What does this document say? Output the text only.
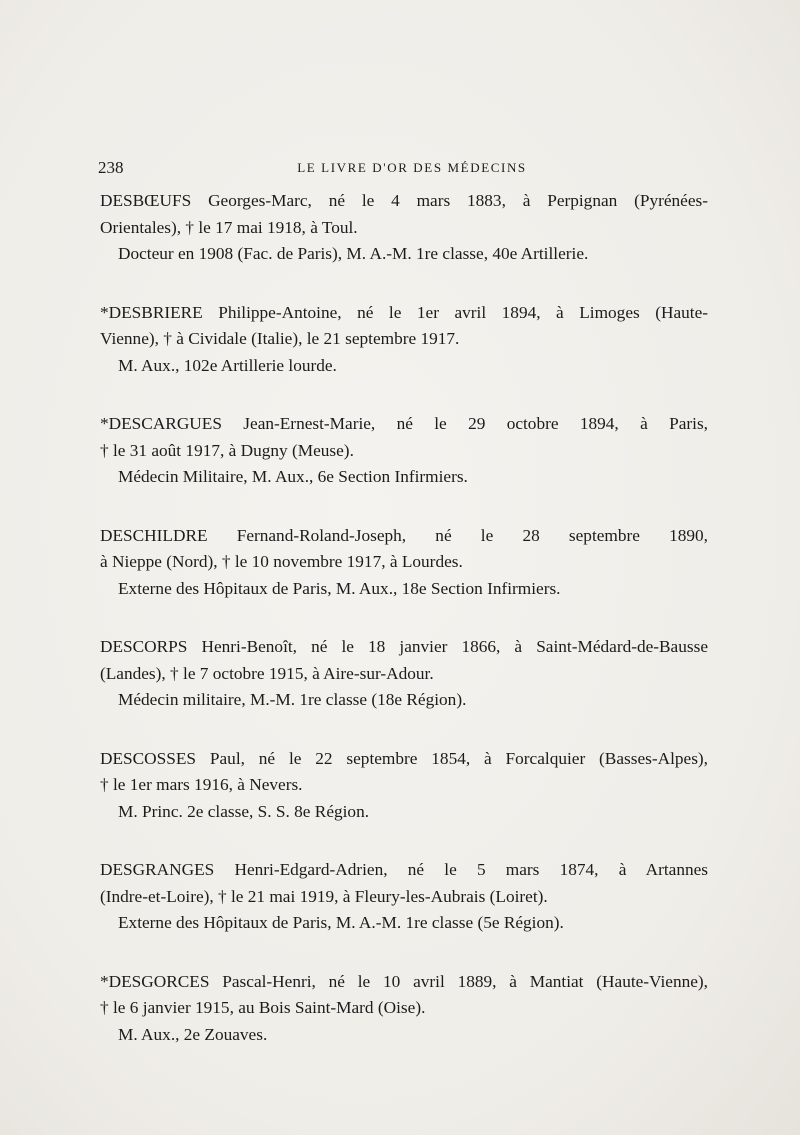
238	LE LIVRE D'OR DES MÉDECINS

DESBŒUFS Georges-Marc, né le 4 mars 1883, à Perpignan (Pyrénées-

Orientales), † le 17 mai 1918, à Toul.

Docteur en 1908 (Fac. de Paris), M. A.-M. 1re classe, 40e Artillerie.

*DESBRIERE Philippe-Antoine, né le 1er avril 1894, à Limoges (Haute-

Vienne), † à Cividale (Italie), le 21 septembre 1917.

M. Aux., 102e Artillerie lourde.

*DESCARGUES Jean-Ernest-Marie, né le 29 octobre 1894, à Paris,

† le 31 août 1917, à Dugny (Meuse).

Médecin Militaire, M. Aux., 6e Section Infirmiers.

DESCHILDRE Fernand-Roland-Joseph, né le 28 septembre 1890,

à Nieppe (Nord), † le 10 novembre 1917, à Lourdes.

Externe des Hôpitaux de Paris, M. Aux., 18e Section Infirmiers.

DESCORPS Henri-Benoît, né le 18 janvier 1866, à Saint-Médard-de-Bausse

(Landes), † le 7 octobre 1915, à Aire-sur-Adour.

Médecin militaire, M.-M. 1re classe (18e Région).

DESCOSSES Paul, né le 22 septembre 1854, à Forcalquier (Basses-Alpes),

† le 1er mars 1916, à Nevers.

M. Princ. 2e classe, S. S. 8e Région.

DESGRANGES Henri-Edgard-Adrien, né le 5 mars 1874, à Artannes

(Indre-et-Loire), † le 21 mai 1919, à Fleury-les-Aubrais (Loiret).

Externe des Hôpitaux de Paris, M. A.-M. 1re classe (5e Région).

*DESGORCES Pascal-Henri, né le 10 avril 1889, à Mantiat (Haute-Vienne),

† le 6 janvier 1915, au Bois Saint-Mard (Oise).

M. Aux., 2e Zouaves.
